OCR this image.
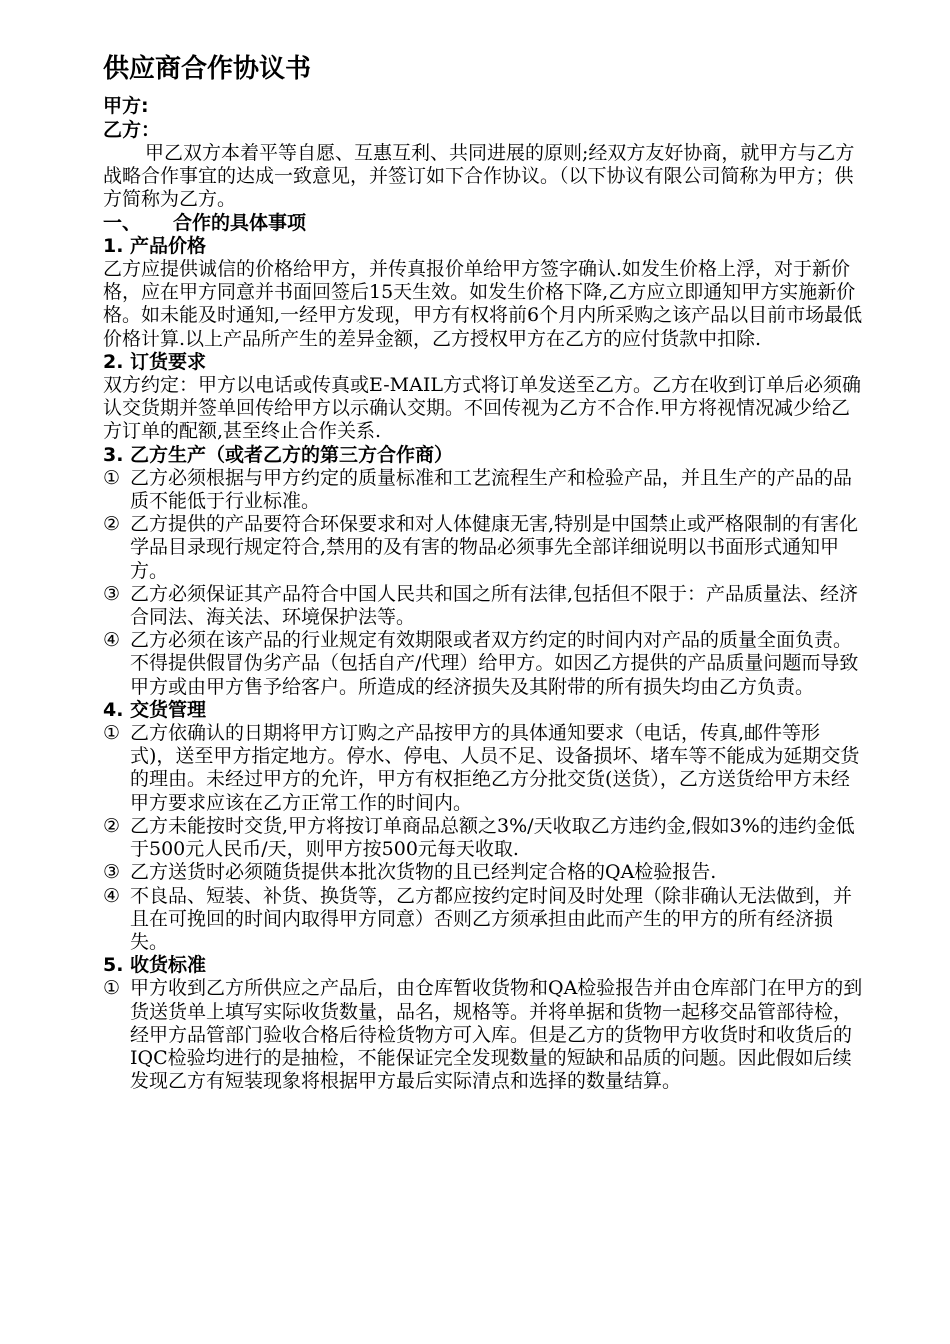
供应商合作协议书
甲方:
乙方：

甲乙双方本着平等自愿、互惠互利、共同进展的原则;经双方友好协商，就甲方与乙方战略合作事宜的达成一致意见，并签订如下合作协议。（以下协议有限公司简称为甲方；供方简称为乙方。

一、 合作的具体事项
1. 产品价格

乙方应提供诚信的价格给甲方，并传真报价单给甲方签字确认.如发生价格上浮，对于新价格，应在甲方同意并书面回签后15天生效。如发生价格下降,乙方应立即通知甲方实施新价格。如未能及时通知,一经甲方发现，甲方有权将前6个月内所采购之该产品以目前市场最低价格计算.以上产品所产生的差异金额，乙方授权甲方在乙方的应付货款中扣除.

2. 订货要求

双方约定：甲方以电话或传真或E-MAIL方式将订单发送至乙方。乙方在收到订单后必须确认交货期并签单回传给甲方以示确认交期。不回传视为乙方不合作.甲方将视情况减少给乙方订单的配额,甚至终止合作关系.

3. 乙方生产（或者乙方的第三方合作商）
① 乙方必须根据与甲方约定的质量标准和工艺流程生产和检验产品，并且生产的产品的品质不能低于行业标准。
② 乙方提供的产品要符合环保要求和对人体健康无害,特别是中国禁止或严格限制的有害化学品目录现行规定符合,禁用的及有害的物品必须事先全部详细说明以书面形式通知甲方。
③ 乙方必须保证其产品符合中国人民共和国之所有法律,包括但不限于：产品质量法、经济合同法、海关法、环境保护法等。
④ 乙方必须在该产品的行业规定有效期限或者双方约定的时间内对产品的质量全面负责。不得提供假冒伪劣产品（包括自产/代理）给甲方。如因乙方提供的产品质量问题而导致甲方或由甲方售予给客户。所造成的经济损失及其附带的所有损失均由乙方负责。
4. 交货管理
① 乙方依确认的日期将甲方订购之产品按甲方的具体通知要求（电话，传真,邮件等形式)，送至甲方指定地方。停水、停电、人员不足、设备损坏、堵车等不能成为延期交货的理由。未经过甲方的允许，甲方有权拒绝乙方分批交货(送货），乙方送货给甲方未经甲方要求应该在乙方正常工作的时间内。
② 乙方未能按时交货,甲方将按订单商品总额之3%/天收取乙方违约金,假如3%的违约金低于500元人民币/天，则甲方按500元每天收取.
③ 乙方送货时必须随货提供本批次货物的且已经判定合格的QA检验报告.
④ 不良品、短装、补货、换货等，乙方都应按约定时间及时处理（除非确认无法做到，并且在可挽回的时间内取得甲方同意）否则乙方须承担由此而产生的甲方的所有经济损失。
5. 收货标准
① 甲方收到乙方所供应之产品后，由仓库暂收货物和QA检验报告并由仓库部门在甲方的到货送货单上填写实际收货数量，品名，规格等。并将单据和货物一起移交品管部待检，经甲方品管部门验收合格后待检货物方可入库。但是乙方的货物甲方收货时和收货后的IQC检验均进行的是抽检，不能保证完全发现数量的短缺和品质的问题。因此假如后续发现乙方有短装现象将根据甲方最后实际清点和选择的数量结算。
